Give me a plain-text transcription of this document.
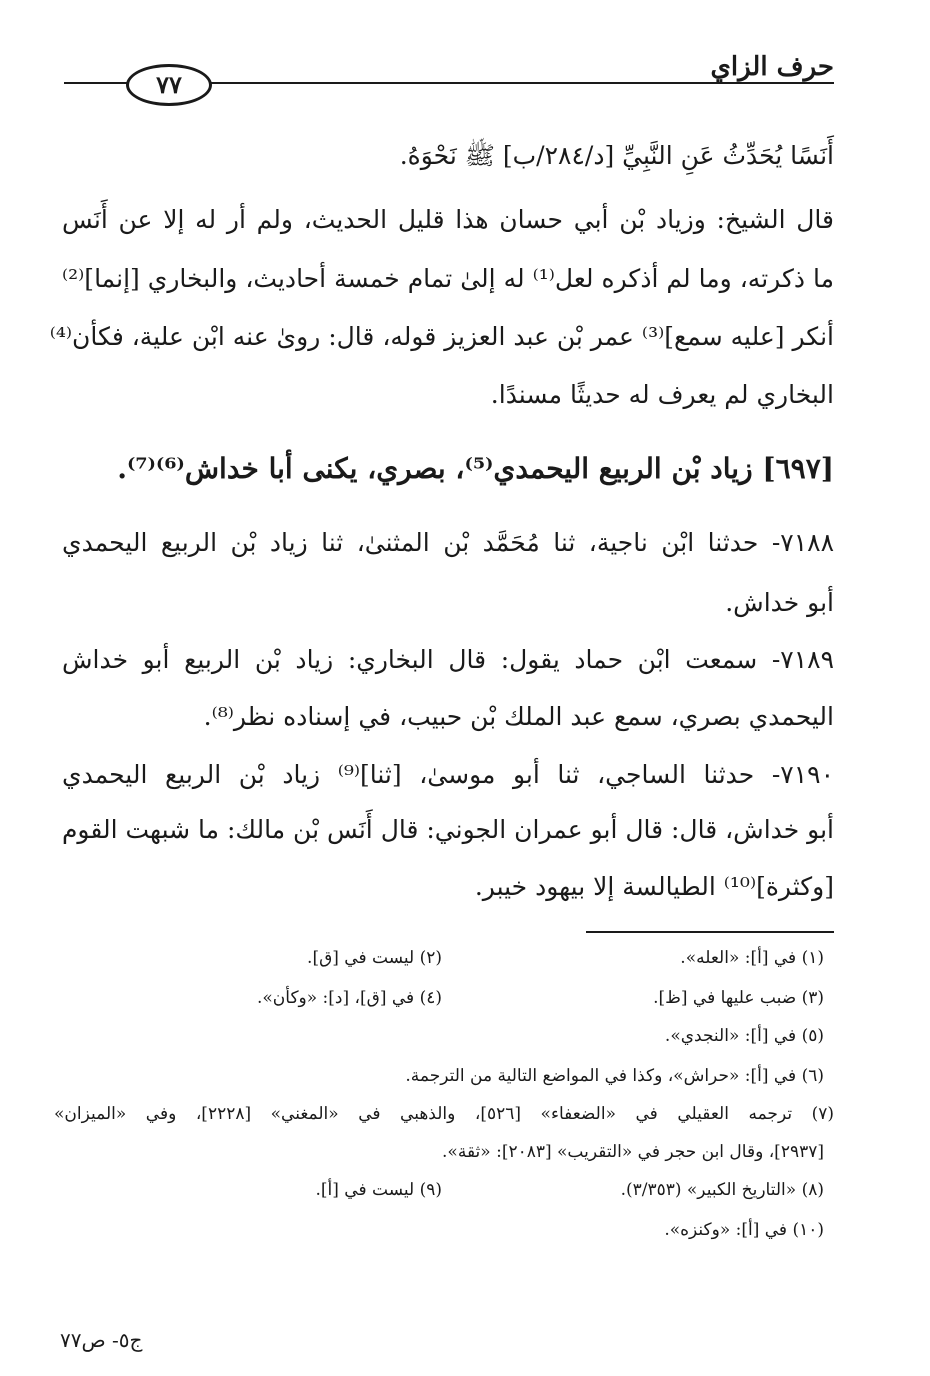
حرف الزاي
٧٧
أَنَسًا يُحَدِّثُ عَنِ النَّبِيِّ [د/٢٨٤/ب] ﷺ نَحْوَهُ.
قال الشيخ: وزياد بْن أبي حسان هذا قليل الحديث، ولم أر له إلا عن أَنَس
ما ذكرته، وما لم أذكره لعل⁽¹⁾ له إلىٰ تمام خمسة أحاديث، والبخاري [إنما]⁽²⁾
أنكر [عليه سمع]⁽³⁾ عمر بْن عبد العزيز قوله، قال: روىٰ عنه ابْن علية، فكأن⁽⁴⁾
البخاري لم يعرف له حديثًا مسندًا.
[٦٩٧] زياد بْن الربيع اليحمدي⁽⁵⁾، بصري، يكنى أبا خداش⁽⁶⁾⁽⁷⁾.
٧١٨٨- حدثنا ابْن ناجية، ثنا مُحَمَّد بْن المثنىٰ، ثنا زياد بْن الربيع اليحمدي
أبو خداش.
٧١٨٩- سمعت ابْن حماد يقول: قال البخاري: زياد بْن الربيع أبو خداش
اليحمدي بصري، سمع عبد الملك بْن حبيب، في إسناده نظر⁽⁸⁾.
٧١٩٠- حدثنا الساجي، ثنا أبو موسىٰ، [ثنا]⁽⁹⁾ زياد بْن الربيع اليحمدي
أبو خداش، قال: قال أبو عمران الجوني: قال أَنَس بْن مالك: ما شبهت القوم
[وكثرة]⁽¹⁰⁾ الطيالسة إلا بيهود خيبر.
(١) في [أ]: «العله».
(٢) ليست في [ق].
(٣) ضبب عليها في [ظ].
(٤) في [ق]، [د]: «وكأن».
(٥) في [أ]: «النجدي».
(٦) في [أ]: «حراش»، وكذا في المواضع التالية من الترجمة.
(٧) ترجمه العقيلي في «الضعفاء» [٥٢٦]، والذهبي في «المغني» [٢٢٢٨]، وفي «الميزان»
[٢٩٣٧]، وقال ابن حجر في «التقريب» [٢٠٨٣]: «ثقة».
(٨) «التاريخ الكبير» (٣/٣٥٣).
(٩) ليست في [أ].
(١٠) في [أ]: «وكنزه».
ج٥- ص٧٧
